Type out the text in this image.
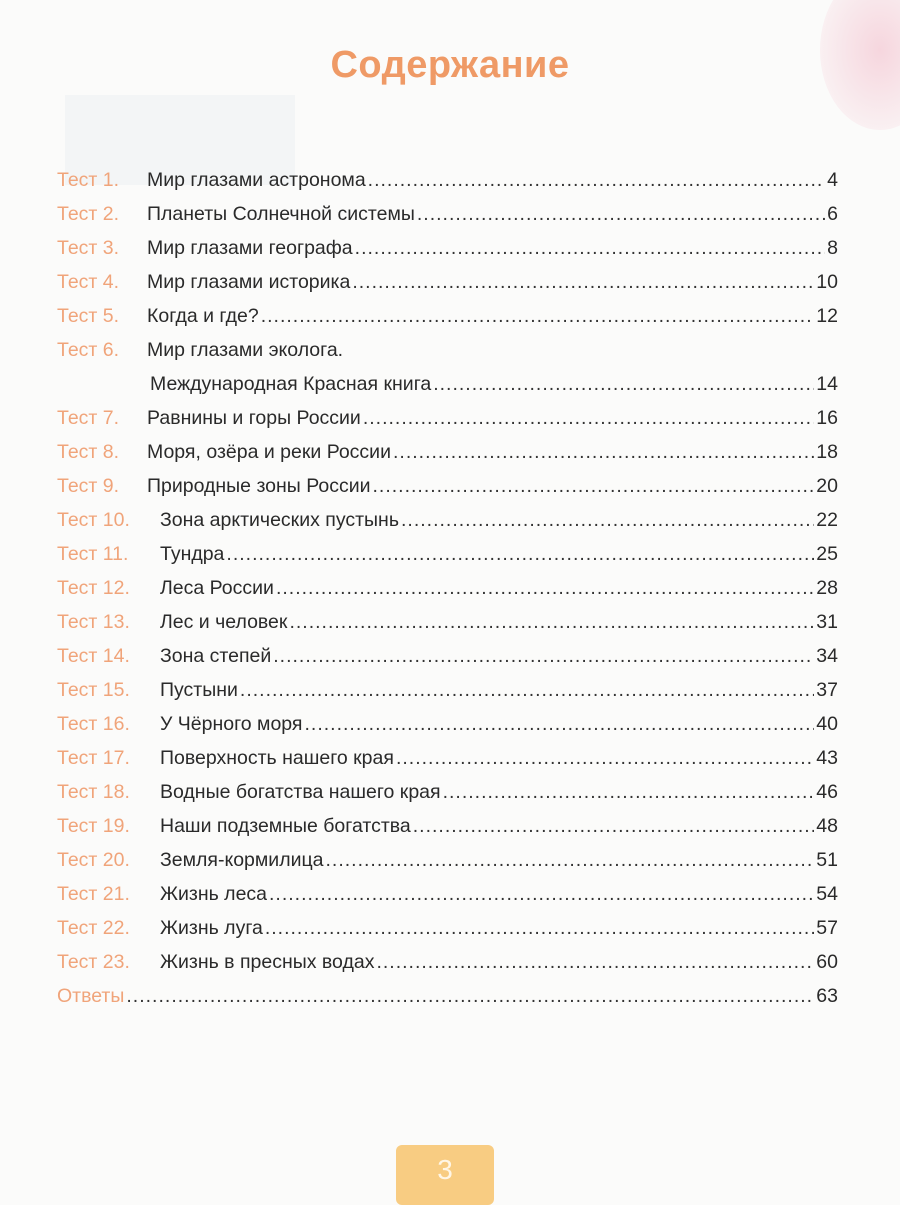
Содержание
Тест 1.	Мир глазами астронома .....	4
Тест 2.	Планеты Солнечной системы .....	6
Тест 3.	Мир глазами географа .....	8
Тест 4.	Мир глазами историка .....	10
Тест 5.	Когда и где? .....	12
Тест 6.	Мир глазами эколога.
Международная Красная книга .....	14
Тест 7.	Равнины и горы России .....	16
Тест 8.	Моря, озёра и реки России .....	18
Тест 9.	Природные зоны России .....	20
Тест 10.	Зона арктических пустынь .....	22
Тест 11.	Тундра .....	25
Тест 12.	Леса России .....	28
Тест 13.	Лес и человек .....	31
Тест 14.	Зона степей .....	34
Тест 15.	Пустыни .....	37
Тест 16.	У Чёрного моря .....	40
Тест 17.	Поверхность нашего края .....	43
Тест 18.	Водные богатства нашего края .....	46
Тест 19.	Наши подземные богатства .....	48
Тест 20.	Земля-кормилица .....	51
Тест 21.	Жизнь леса .....	54
Тест 22.	Жизнь луга .....	57
Тест 23.	Жизнь в пресных водах .....	60
Ответы .....	63
3
